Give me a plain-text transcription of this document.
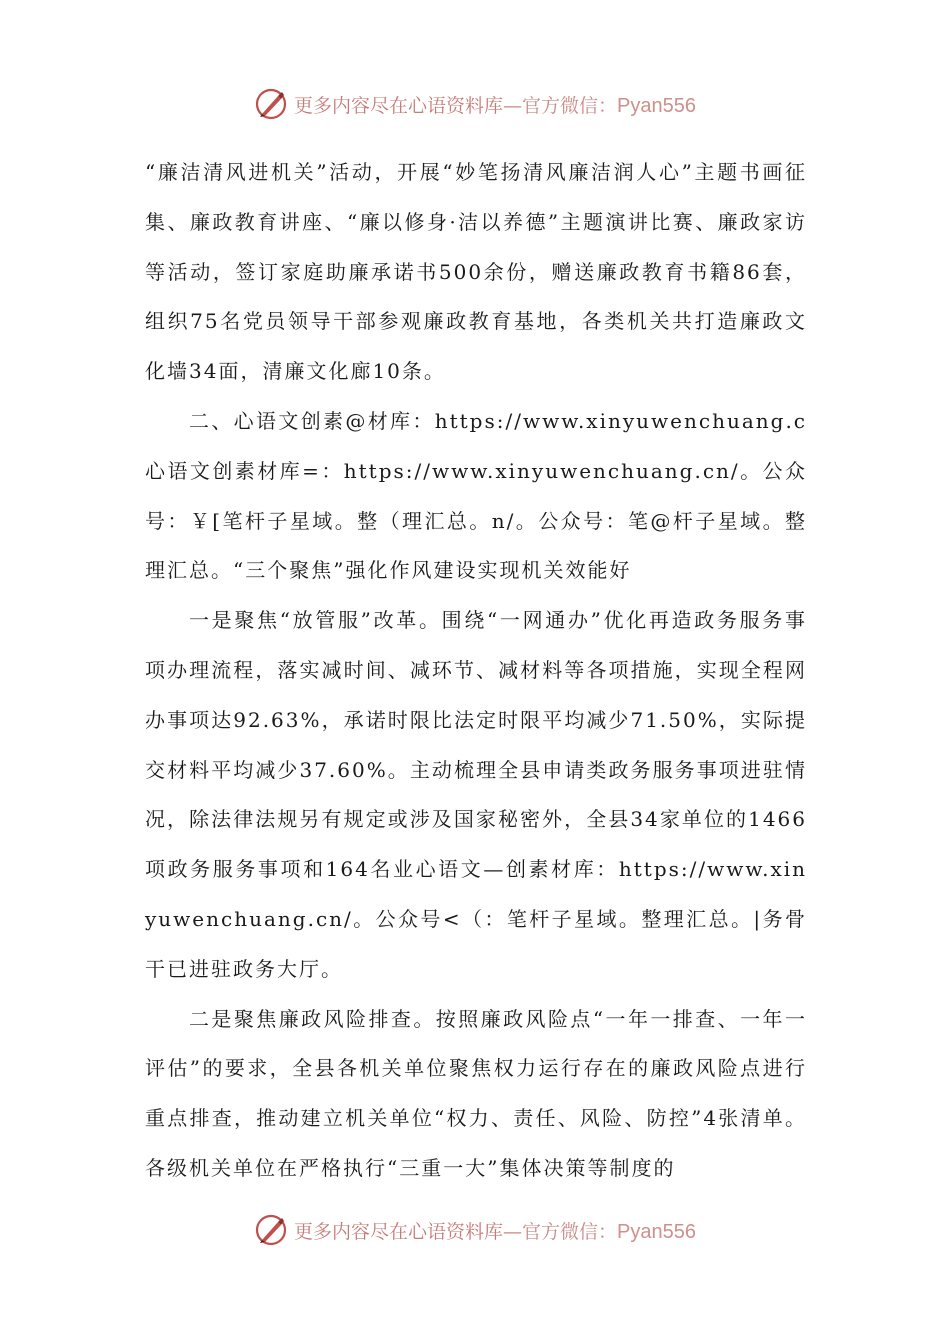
更多内容尽在心语资料库—官方微信：Pyan556

“廉洁清风进机关”活动，开展“妙笔扬清风廉洁润人心”主题书画征集、廉政教育讲座、“廉以修身·洁以养德”主题演讲比赛、廉政家访等活动，签订家庭助廉承诺书500余份，赠送廉政教育书籍86套，组织75名党员领导干部参观廉政教育基地，各类机关共打造廉政文化墙34面，清廉文化廊10条。

二、心语文创素@材库：https://www.xinyuwenchuang.c心语文创素材库=：https://www.xinyuwenchuang.cn/。公众号：￥[笔杆子星域。整（理汇总。n/。公众号：笔@杆子星域。整理汇总。“三个聚焦”强化作风建设实现机关效能好

一是聚焦“放管服”改革。围绕“一网通办”优化再造政务服务事项办理流程，落实减时间、减环节、减材料等各项措施，实现全程网办事项达92.63%，承诺时限比法定时限平均减少71.50%，实际提交材料平均减少37.60%。主动梳理全县申请类政务服务事项进驻情况，除法律法规另有规定或涉及国家秘密外，全县34家单位的1466项政务服务事项和164名业心语文—创素材库：https://www.xinyuwenchuang.cn/。公众号<（：笔杆子星域。整理汇总。|务骨干已进驻政务大厅。

二是聚焦廉政风险排查。按照廉政风险点“一年一排查、一年一评估”的要求，全县各机关单位聚焦权力运行存在的廉政风险点进行重点排查，推动建立机关单位“权力、责任、风险、防控”4张清单。各级机关单位在严格执行“三重一大”集体决策等制度的

更多内容尽在心语资料库—官方微信：Pyan556
